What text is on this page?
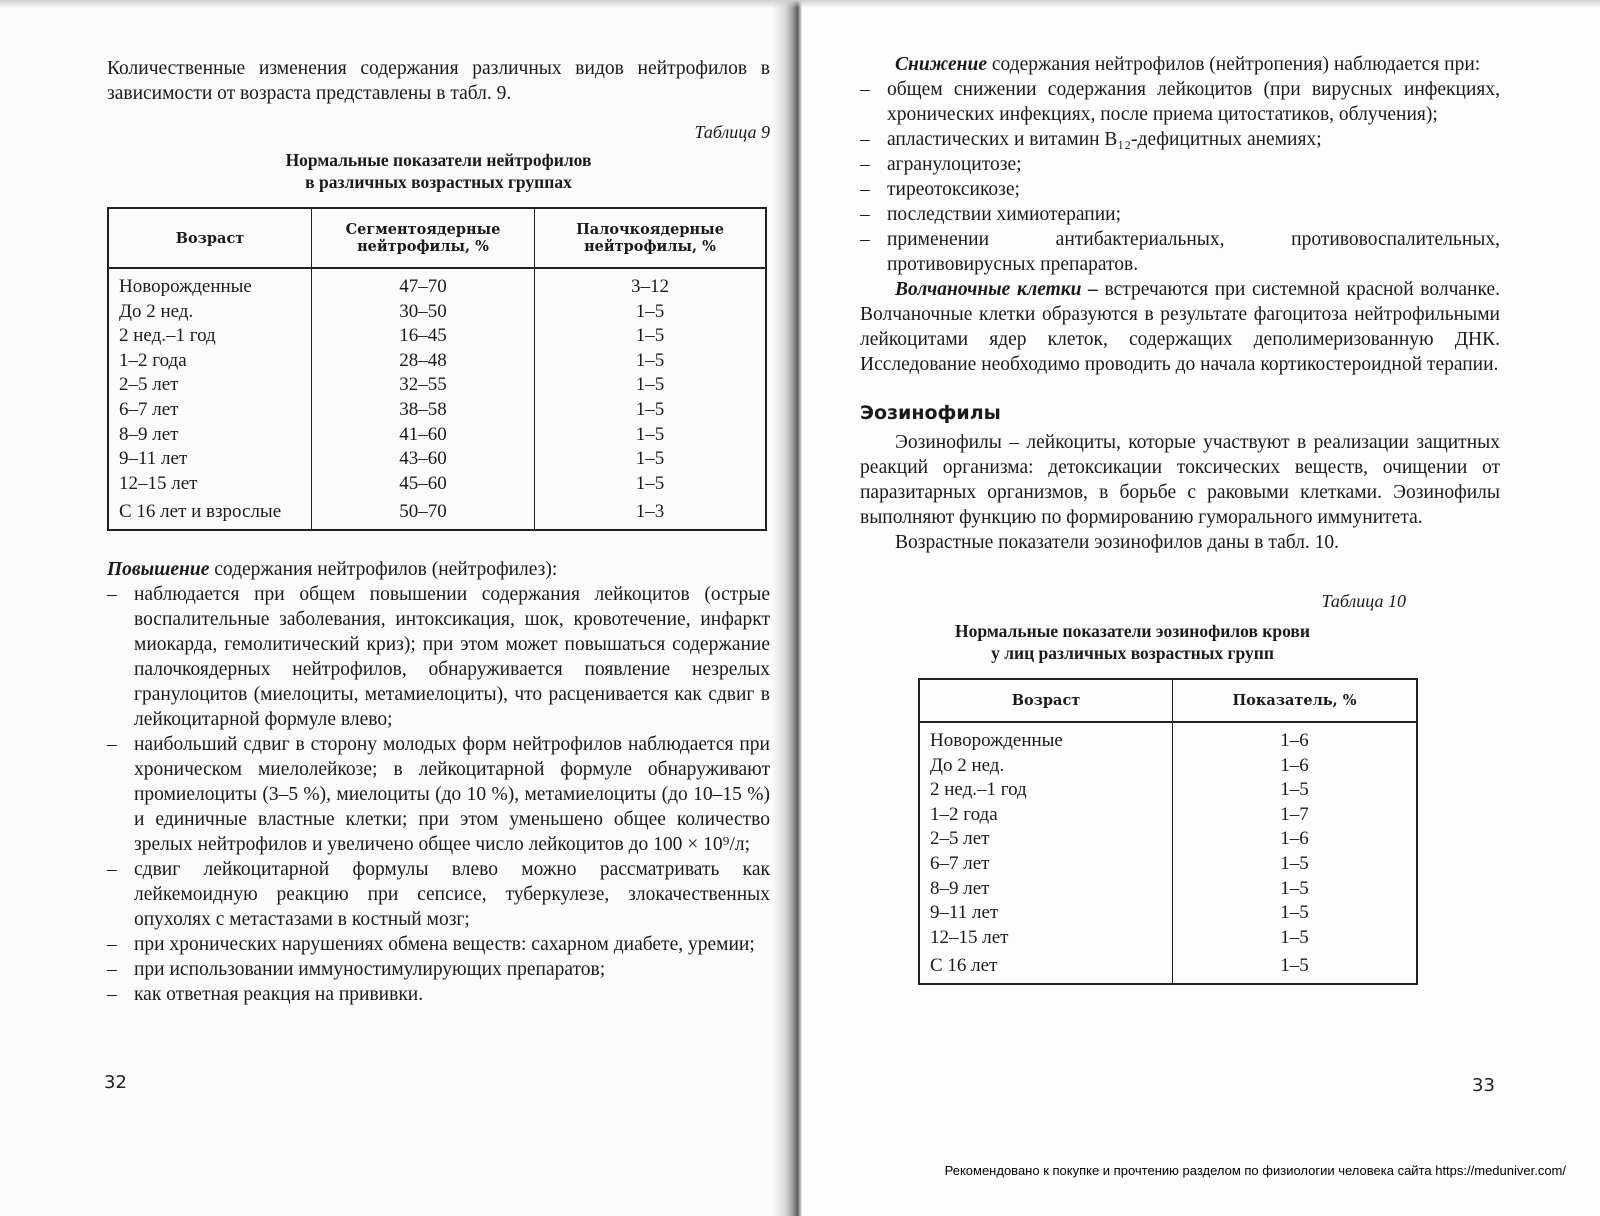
Количественные изменения содержания различных видов нейтрофилов в зависимости от возраста представлены в табл. 9.

Таблица 9
Нормальные показатели нейтрофилов
в различных возрастных группах
Возраст	Сегментоядерные нейтрофилы, %	Палочкоядерные нейтрофилы, %
Новорожденные	47–70	3–12
До 2 нед.	30–50	1–5
2 нед.–1 год	16–45	1–5
1–2 года	28–48	1–5
2–5 лет	32–55	1–5
6–7 лет	38–58	1–5
8–9 лет	41–60	1–5
9–11 лет	43–60	1–5
12–15 лет	45–60	1–5
С 16 лет и взрослые	50–70	1–3

Повышение содержания нейтрофилов (нейтрофилез):

– наблюдается при общем повышении содержания лейкоцитов (острые воспалительные заболевания, интоксикация, шок, кровотечение, инфаркт миокарда, гемолитический криз); при этом может повышаться содержание палочкоядерных нейтрофилов, обнаруживается появление незрелых гранулоцитов (миелоциты, метамиелоциты), что расценивается как сдвиг в лейкоцитарной формуле влево;
– наибольший сдвиг в сторону молодых форм нейтрофилов наблюдается при хроническом миелолейкозе; в лейкоцитарной формуле обнаруживают промиелоциты (3–5 %), миелоциты (до 10 %), метамиелоциты (до 10–15 %) и единичные властные клетки; при этом уменьшено общее количество зрелых нейтрофилов и увеличено общее число лейкоцитов до 100 × 10⁹/л;
– сдвиг лейкоцитарной формулы влево можно рассматривать как лейкемоидную реакцию при сепсисе, туберкулезе, злокачественных опухолях с метастазами в костный мозг;
– при хронических нарушениях обмена веществ: сахарном диабете, уремии;
– при использовании иммуностимулирующих препаратов;
– как ответная реакция на прививки.
32

Снижение содержания нейтрофилов (нейтропения) наблюдается при:

– общем снижении содержания лейкоцитов (при вирусных инфекциях, хронических инфекциях, после приема цитостатиков, облучения);
– апластических и витамин B₁₂-дефицитных анемиях;
– агранулоцитозе;
– тиреотоксикозе;
– последствии химиотерапии;
– применении антибактериальных, противовоспалительных, противовирусных препаратов.

Волчаночные клетки – встречаются при системной красной волчанке. Волчаночные клетки образуются в результате фагоцитоза нейтрофильными лейкоцитами ядер клеток, содержащих деполимеризованную ДНК. Исследование необходимо проводить до начала кортикостероидной терапии.

Эозинофилы

Эозинофилы – лейкоциты, которые участвуют в реализации защитных реакций организма: детоксикации токсических веществ, очищении от паразитарных организмов, в борьбе с раковыми клетками. Эозинофилы выполняют функцию по формированию гуморального иммунитета.

Возрастные показатели эозинофилов даны в табл. 10.

Таблица 10
Нормальные показатели эозинофилов крови
у лиц различных возрастных групп
Возраст	Показатель, %
Новорожденные	1–6
До 2 нед.	1–6
2 нед.–1 год	1–5
1–2 года	1–7
2–5 лет	1–6
6–7 лет	1–5
8–9 лет	1–5
9–11 лет	1–5
12–15 лет	1–5
С 16 лет	1–5
33
Рекомендовано к покупке и прочтению разделом по физиологии человека сайта https://meduniver.com/
